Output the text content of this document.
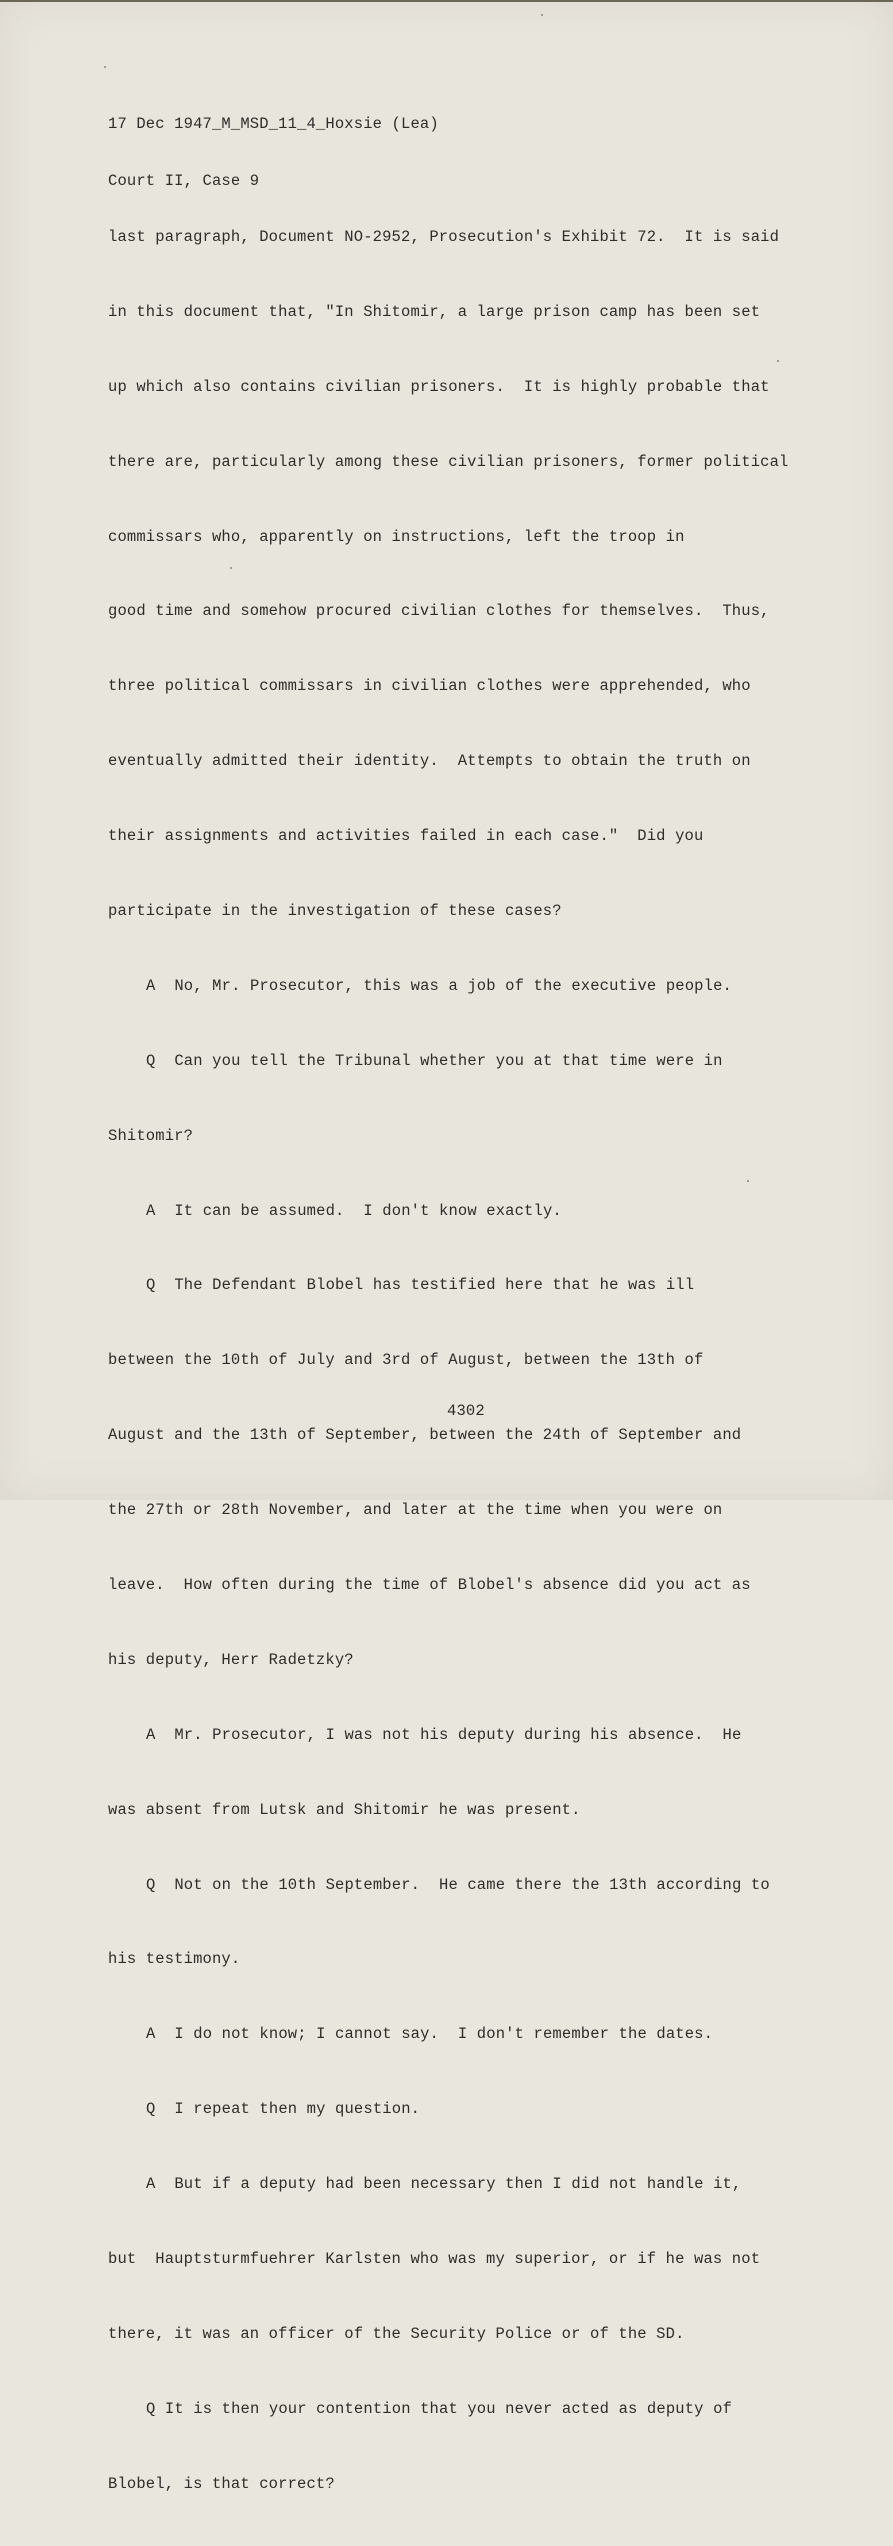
17 Dec 1947_M_MSD_11_4_Hoxsie (Lea)

Court II, Case 9

last paragraph, Document NO-2952, Prosecution's Exhibit 72.  It is said

in this document that, "In Shitomir, a large prison camp has been set

up which also contains civilian prisoners.  It is highly probable that

there are, particularly among these civilian prisoners, former political

commissars who, apparently on instructions, left the troop in

good time and somehow procured civilian clothes for themselves.  Thus,

three political commissars in civilian clothes were apprehended, who

eventually admitted their identity.  Attempts to obtain the truth on

their assignments and activities failed in each case."  Did you

participate in the investigation of these cases?

A  No, Mr. Prosecutor, this was a job of the executive people.

Q  Can you tell the Tribunal whether you at that time were in

Shitomir?

A  It can be assumed.  I don't know exactly.

Q  The Defendant Blobel has testified here that he was ill

between the 10th of July and 3rd of August, between the 13th of

August and the 13th of September, between the 24th of September and

the 27th or 28th November, and later at the time when you were on

leave.  How often during the time of Blobel's absence did you act as

his deputy, Herr Radetzky?

A  Mr. Prosecutor, I was not his deputy during his absence.  He

was absent from Lutsk and Shitomir he was present.

Q  Not on the 10th September.  He came there the 13th according to

his testimony.

A  I do not know; I cannot say.  I don't remember the dates.

Q  I repeat then my question.

A  But if a deputy had been necessary then I did not handle it,

but  Hauptsturmfuehrer Karlsten who was my superior, or if he was not

there, it was an officer of the Security Police or of the SD.

Q It is then your contention that you never acted as deputy of

Blobel, is that correct?

4302
